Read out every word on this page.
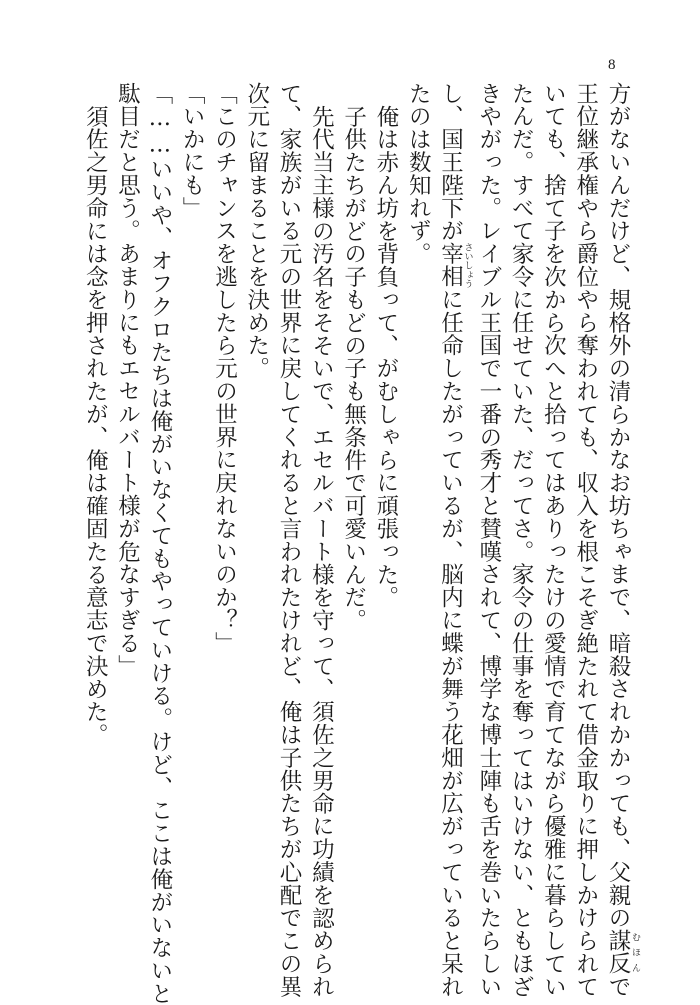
8
方がないんだけど、規格外の清らかなお坊ちゃまで、暗殺されかかっても、父親の謀反 むほんで
王位継承権やら爵位やら奪われても、収入を根こそぎ絶たれて借金取りに押しかけられて
いても、捨て子を次から次へと拾ってはありったけの愛情で育てながら優雅に暮らしてい
たんだ。すべて家令に任せていた、だってさ。家令の仕事を奪ってはいけない、ともほざ
きやがった。レイブル王国で一番の秀才と賛嘆されて、博学な博士陣も舌を巻いたらしい
し、国王陛下が宰相 さいしょうに任命したがっているが、脳内に蝶が舞う花畑が広がっていると呆れ
たのは数知れず。
俺は赤ん坊を背負って、がむしゃらに頑張った。
子供たちがどの子もどの子も無条件で可愛いんだ。
先代当主様の汚名をそそいで、エセルバート様を守って、須佐之男命に功績を認められ
て、家族がいる元の世界に戻してくれると言われたけれど、俺は子供たちが心配でこの異
次元に留まることを決めた。
「このチャンスを逃したら元の世界に戻れないのか？」
「いかにも」
「……いいや、オフクロたちは俺がいなくてもやっていける。けど、ここは俺がいないと
駄目だと思う。あまりにもエセルバート様が危なすぎる」
須佐之男命には念を押されたが、俺は確固たる意志で決めた。
